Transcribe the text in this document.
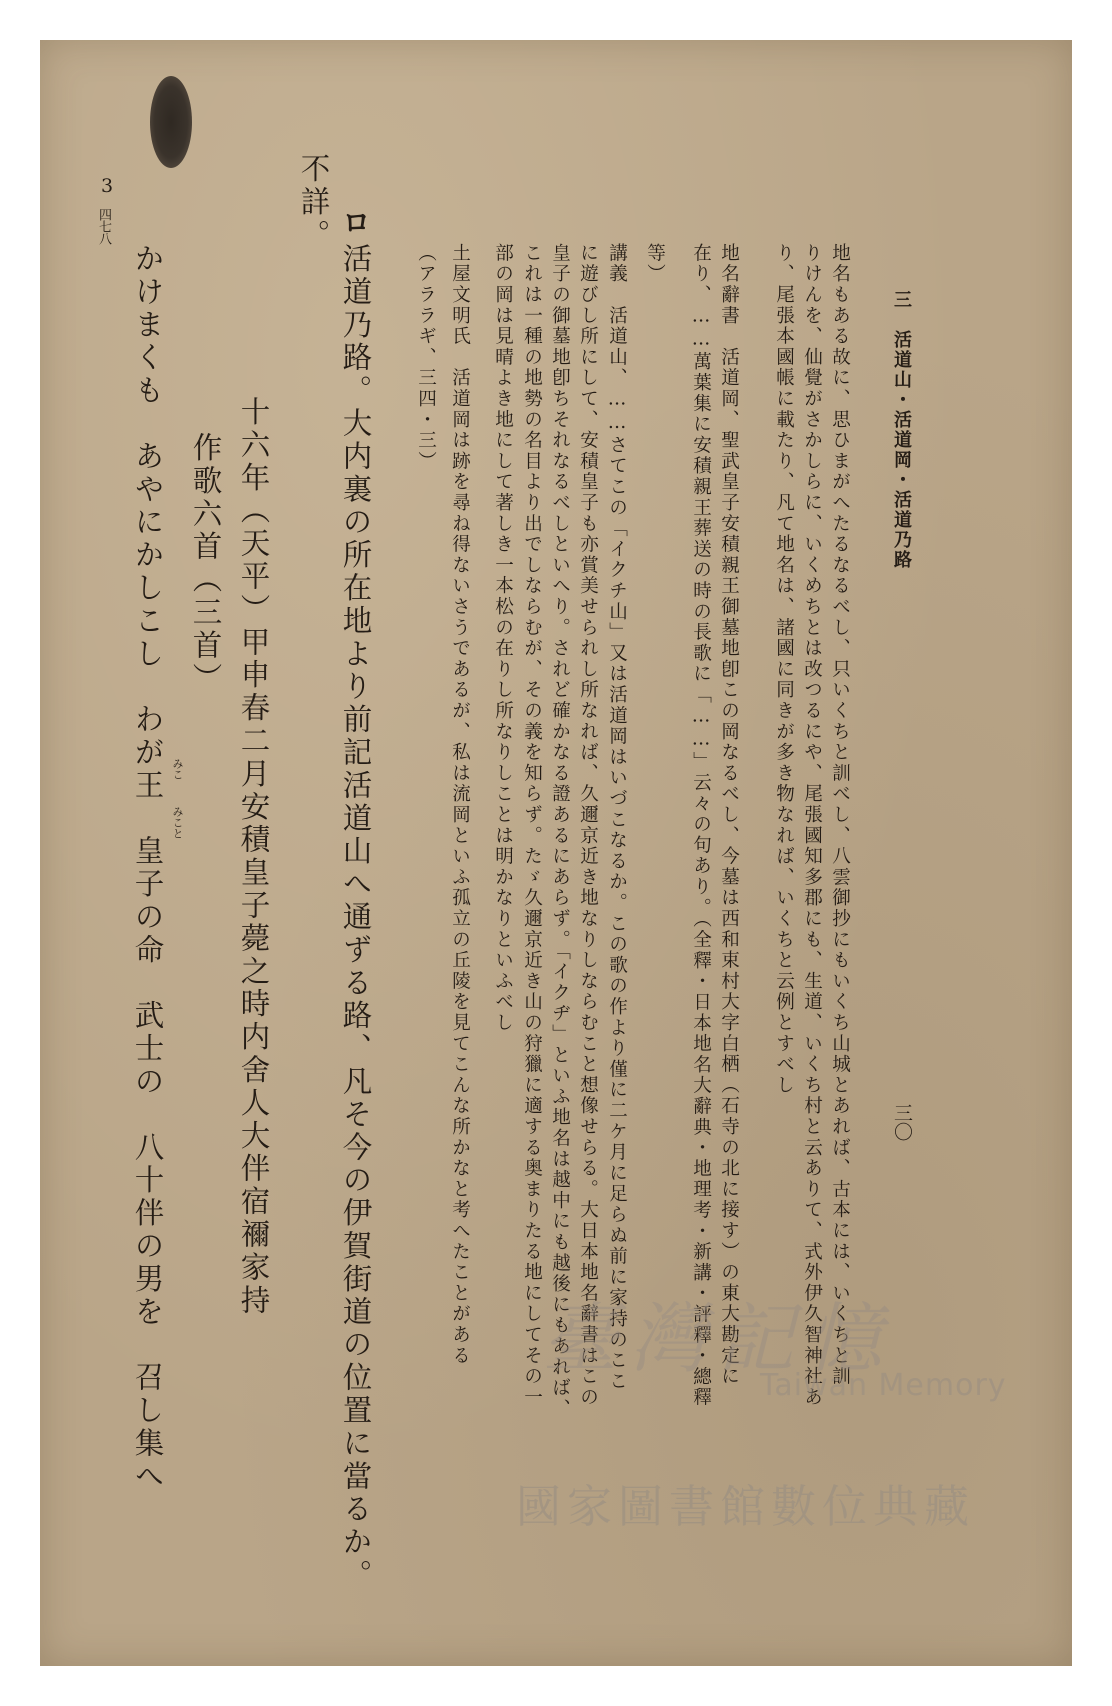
三　活道山・活道岡・活道乃路
三〇
地名もある故に、思ひまがへたるなるべし、只いくちと訓べし、八雲御抄にもいくち山城とあれば、古本には、いくちと訓
りけんを、仙覺がさかしらに、いくめちとは改つるにや、尾張國知多郡にも、生道、いくち村と云ありて、式外伊久智神社あ
り、尾張本國帳に載たり、凡て地名は、諸國に同きが多き物なれば、いくちと云例とすべし
地名辭書　活道岡、聖武皇子安積親王御墓地卽この岡なるべし、今墓は西和束村大字白栖（石寺の北に接す）の東大勘定に
在り、……萬葉集に安積親王葬送の時の長歌に「……」云々の句あり。（全釋・日本地名大辭典・地理考・新講・評釋・總釋
等）
講義　活道山、……さてこの「イクチ山」又は活道岡はいづこなるか。この歌の作より僅に二ケ月に足らぬ前に家持のここ
に遊びし所にして、安積皇子も亦賞美せられし所なれば、久邇京近き地なりしならむこと想像せらる。大日本地名辭書はこの
皇子の御墓地卽ちそれなるべしといへり。されど確かなる證あるにあらず。「イクヂ」といふ地名は越中にも越後にもあれば、
これは一種の地勢の名目より出でしならむが、その義を知らず。たゞ久邇京近き山の狩獵に適する奥まりたる地にしてその一
部の岡は見晴よき地にして著しき一本松の在りし所なりしことは明かなりといふべし
土屋文明氏　活道岡は跡を尋ね得ないさうであるが、私は流岡といふ孤立の丘陵を見てこんな所かなと考へたことがある
（アララギ、三四・三）
ロ
活道乃路。大内裏の所在地より前記活道山へ通ずる路、凡そ今の伊賀街道の位置に當るか。
不詳。
十六年（天平）甲申春二月安積皇子薨之時内舍人大伴宿禰家持
作歌六首（三首）
3
四七八
かけまくも　あやにかしこし　わが王　皇子の命　武士の　八十伴の男を　召し集へ みこ
みこと
臺灣記憶
Taiwan Memory
國家圖書館數位典藏
